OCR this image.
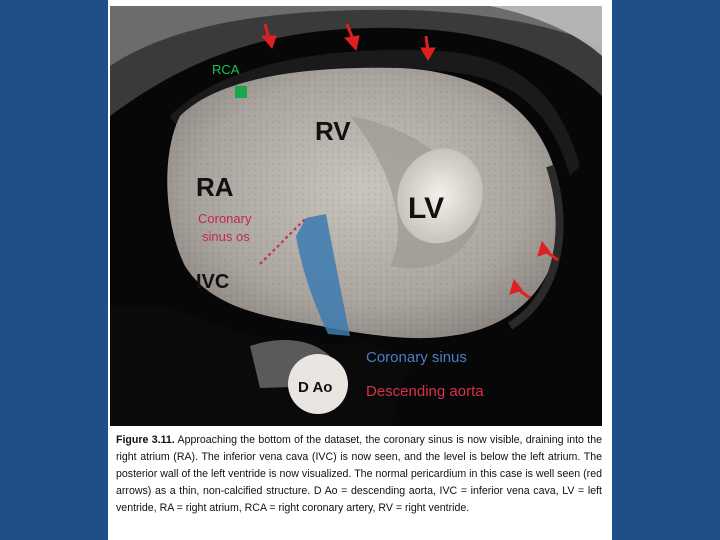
RCA
RV
RA
LV
Coronary
sinus os
IVC
Coronary sinus
D Ao Descending aorta
Figure 3.11. Approaching the bottom of the dataset, the coronary sinus is now visible, draining into the right atrium (RA). The inferior vena cava (IVC) is now seen, and the level is below the left atrium. The posterior wall of the left ventride is now visualized. The normal pericardium in this case is well seen (red arrows) as a thin, non-calcified structure. D Ao = descending aorta, IVC = inferior vena cava, LV = left ventride, RA = right atrium, RCA = right coronary artery, RV = right ventride.
